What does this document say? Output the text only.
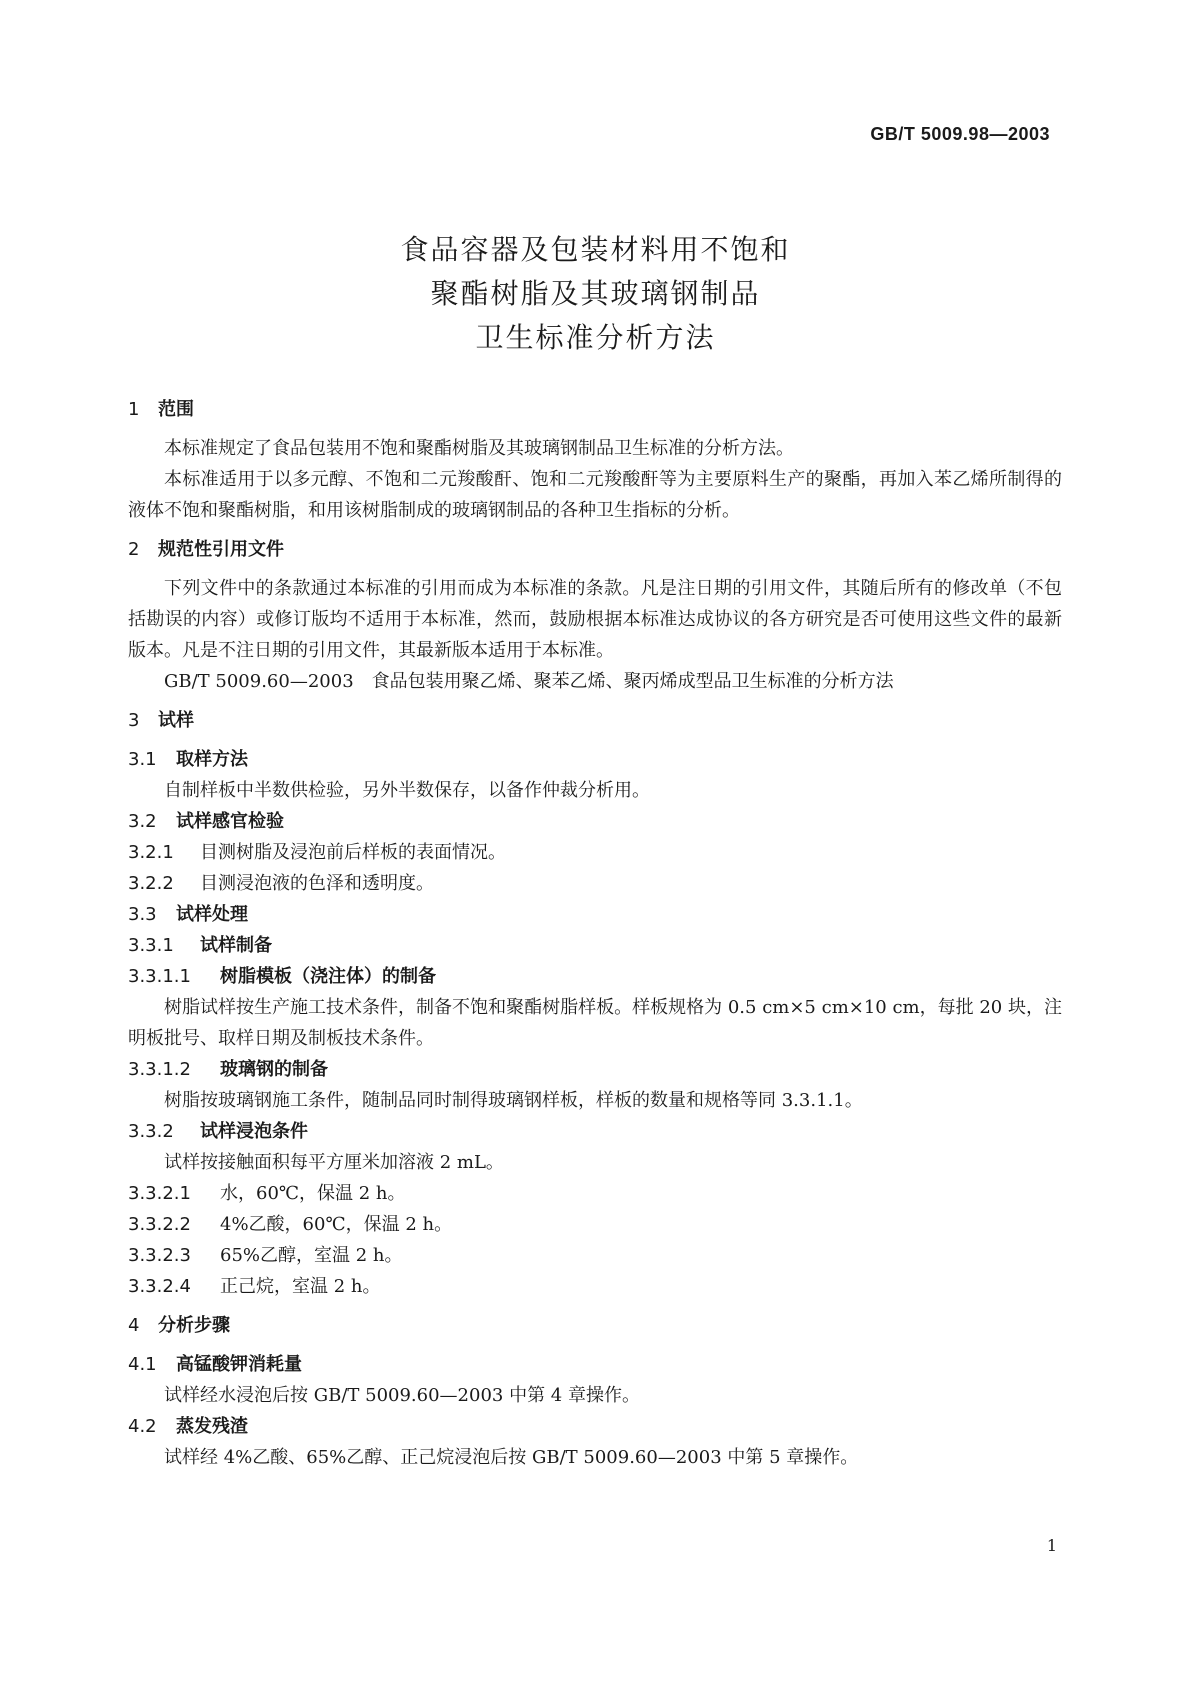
GB/T 5009.98—2003
食品容器及包装材料用不饱和
聚酯树脂及其玻璃钢制品
卫生标准分析方法
1 范围

本标准规定了食品包装用不饱和聚酯树脂及其玻璃钢制品卫生标准的分析方法。

本标准适用于以多元醇、不饱和二元羧酸酐、饱和二元羧酸酐等为主要原料生产的聚酯，再加入苯乙烯所制得的液体不饱和聚酯树脂，和用该树脂制成的玻璃钢制品的各种卫生指标的分析。

2 规范性引用文件

下列文件中的条款通过本标准的引用而成为本标准的条款。凡是注日期的引用文件，其随后所有的修改单（不包括勘误的内容）或修订版均不适用于本标准，然而，鼓励根据本标准达成协议的各方研究是否可使用这些文件的最新版本。凡是不注日期的引用文件，其最新版本适用于本标准。

GB/T 5009.60—2003　食品包装用聚乙烯、聚苯乙烯、聚丙烯成型品卫生标准的分析方法

3 试样
3.1 取样方法

自制样板中半数供检验，另外半数保存，以备作仲裁分析用。

3.2 试样感官检验
3.2.1 目测树脂及浸泡前后样板的表面情况。
3.2.2 目测浸泡液的色泽和透明度。
3.3 试样处理
3.3.1 试样制备
3.3.1.1 树脂模板（浇注体）的制备

树脂试样按生产施工技术条件，制备不饱和聚酯树脂样板。样板规格为 0.5 cm×5 cm×10 cm，每批 20 块，注明板批号、取样日期及制板技术条件。

3.3.1.2 玻璃钢的制备

树脂按玻璃钢施工条件，随制品同时制得玻璃钢样板，样板的数量和规格等同 3.3.1.1。

3.3.2 试样浸泡条件

试样按接触面积每平方厘米加溶液 2 mL。

3.3.2.1 水，60℃，保温 2 h。
3.3.2.2 4%乙酸，60℃，保温 2 h。
3.3.2.3 65%乙醇，室温 2 h。
3.3.2.4 正己烷，室温 2 h。
4 分析步骤
4.1 高锰酸钾消耗量

试样经水浸泡后按 GB/T 5009.60—2003 中第 4 章操作。

4.2 蒸发残渣

试样经 4%乙酸、65%乙醇、正己烷浸泡后按 GB/T 5009.60—2003 中第 5 章操作。

1
